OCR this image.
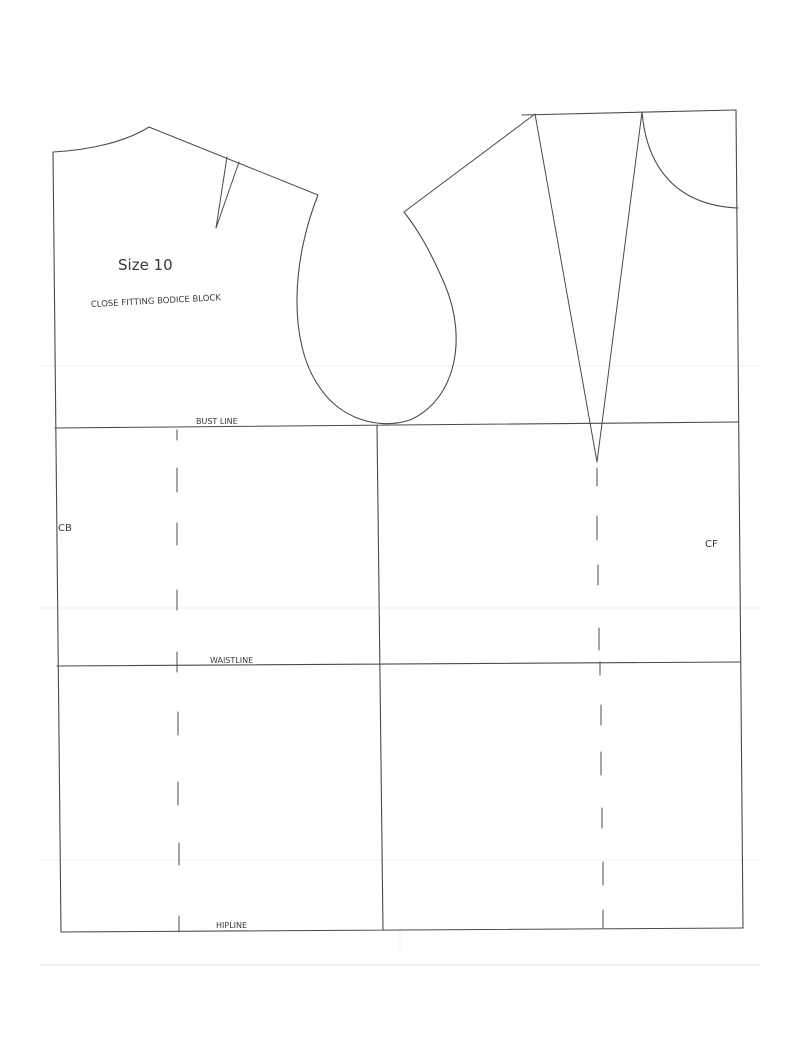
Size 10
CLOSE FITTING BODICE BLOCK
BUST LINE
WAISTLINE
HIPLINE
CB
CF
